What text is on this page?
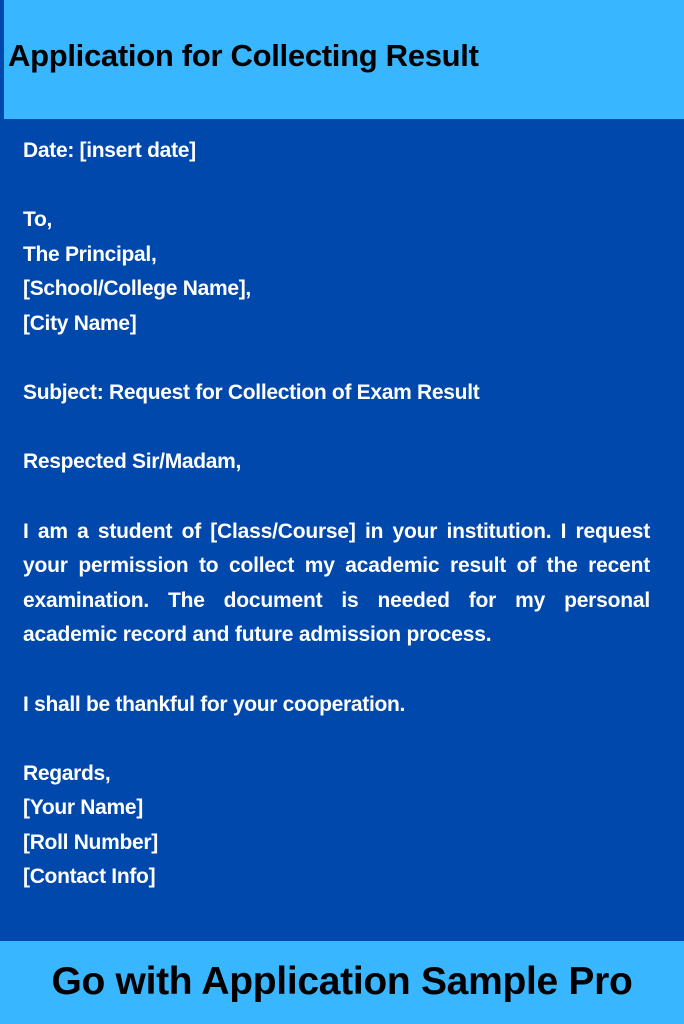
Application for Collecting Result
Date: [insert date]
To,
The Principal,
[School/College Name],
[City Name]
Subject: Request for Collection of Exam Result
Respected Sir/Madam,
I am a student of [Class/Course] in your institution. I request your permission to collect my academic result of the recent examination. The document is needed for my personal academic record and future admission process.
I shall be thankful for your cooperation.
Regards,
[Your Name]
[Roll Number]
[Contact Info]

Go with Application Sample Pro
